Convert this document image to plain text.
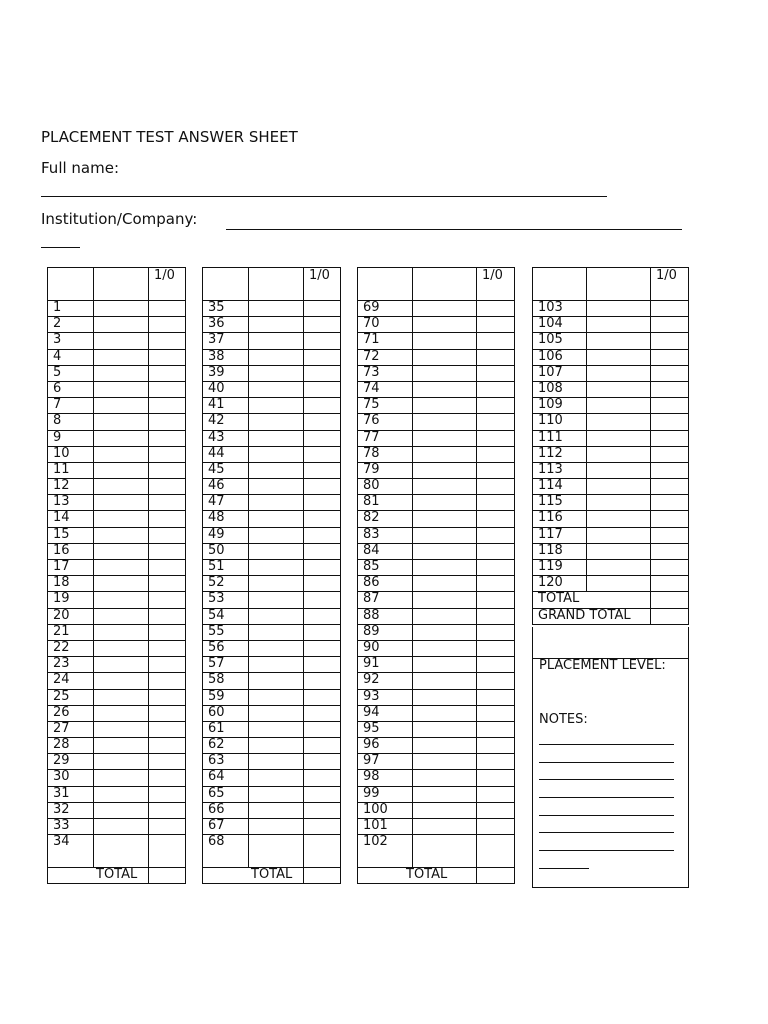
PLACEMENT TEST ANSWER SHEET
Full name:
Institution/Company:
		1/0
1		
2		
3		
4		
5		
6		
7		
8		
9		
10		
11		
12		
13		
14		
15		
16		
17		
18		
19		
20		
21		
22		
23		
24		
25		
26		
27		
28		
29		
30		
31		
32		
33		
34		
TOTAL		
		1/0
35		
36		
37		
38		
39		
40		
41		
42		
43		
44		
45		
46		
47		
48		
49		
50		
51		
52		
53		
54		
55		
56		
57		
58		
59		
60		
61		
62		
63		
64		
65		
66		
67		
68		
TOTAL		
		1/0
69		
70		
71		
72		
73		
74		
75		
76		
77		
78		
79		
80		
81		
82		
83		
84		
85		
86		
87		
88		
89		
90		
91		
92		
93		
94		
95		
96		
97		
98		
99		
100		
101		
102		
TOTAL		
		1/0
103		
104		
105		
106		
107		
108		
109		
110		
111		
112		
113		
114		
115		
116		
117		
118		
119		
120		
TOTAL		
GRAND TOTAL		
PLACEMENT LEVEL:
NOTES:
